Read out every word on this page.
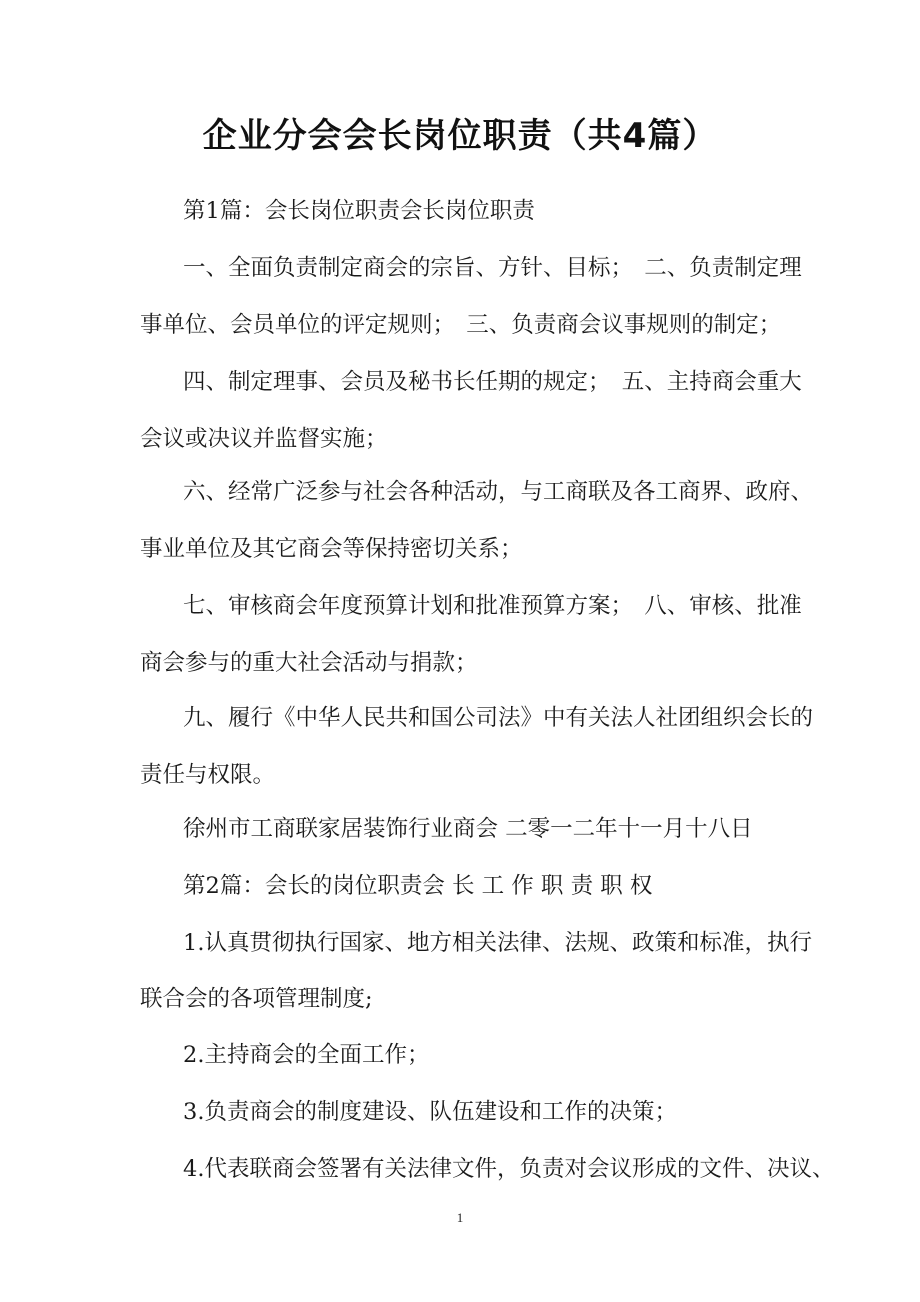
企业分会会长岗位职责（共4篇）
第1篇：会长岗位职责会长岗位职责
一、全面负责制定商会的宗旨、方针、目标；　二、负责制定理
事单位、会员单位的评定规则；　三、负责商会议事规则的制定；
四、制定理事、会员及秘书长任期的规定；　五、主持商会重大
会议或决议并监督实施；
六、经常广泛参与社会各种活动，与工商联及各工商界、政府、
事业单位及其它商会等保持密切关系；
七、审核商会年度预算计划和批准预算方案；　八、审核、批准
商会参与的重大社会活动与捐款；
九、履行《中华人民共和国公司法》中有关法人社团组织会长的
责任与权限。
徐州市工商联家居装饰行业商会 二零一二年十一月十八日
第2篇：会长的岗位职责会 长 工 作 职 责 职 权
1.认真贯彻执行国家、地方相关法律、法规、政策和标准，执行
联合会的各项管理制度;
2.主持商会的全面工作；
3.负责商会的制度建设、队伍建设和工作的决策；
4.代表联商会签署有关法律文件，负责对会议形成的文件、决议、
1
